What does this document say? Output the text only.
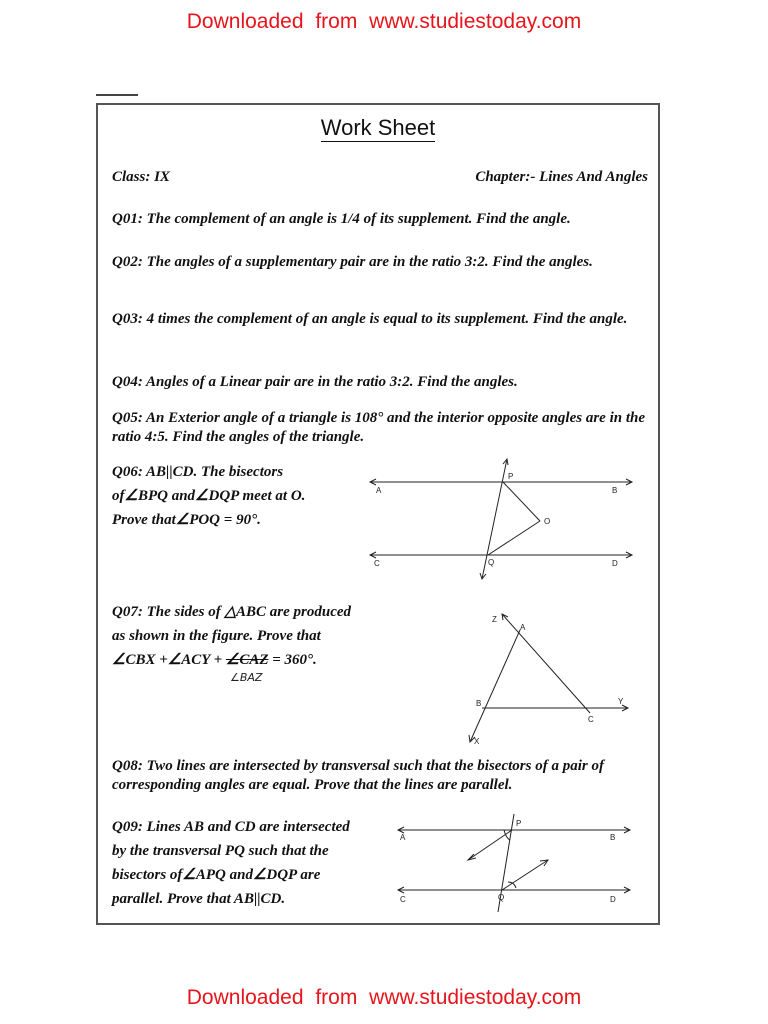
Downloaded from www.studiestoday.com
Work Sheet
Class: IX	Chapter:- Lines And Angles
Q01: The complement of an angle is 1/4 of its supplement. Find the angle.
Q02: The angles of a supplementary pair are in the ratio 3:2. Find the angles.
Q03: 4 times the complement of an angle is equal to its supplement. Find the angle.
Q04: Angles of a Linear pair are in the ratio 3:2. Find the angles.
Q05: An Exterior angle of a triangle is 108° and the interior opposite angles are in the ratio 4:5. Find the angles of the triangle.
Q06: AB||CD. The bisectors
of∠BPQ and∠DQP meet at O.
Prove that∠POQ = 90°.
Q07: The sides of △ABC are produced
as shown in the figure. Prove that
∠CBX +∠ACY + ∠CAZ = 360°.
∠BAZ
Q08: Two lines are intersected by transversal such that the bisectors of a pair of corresponding angles are equal. Prove that the lines are parallel.
Q09: Lines AB and CD are intersected
by the transversal PQ such that the
bisectors of∠APQ and∠DQP are
parallel. Prove that AB||CD.
A	B
C	D
P
Q
O
Z
A
B
C
Y
X
A	B
C	D
P
Q
Downloaded from www.studiestoday.com
